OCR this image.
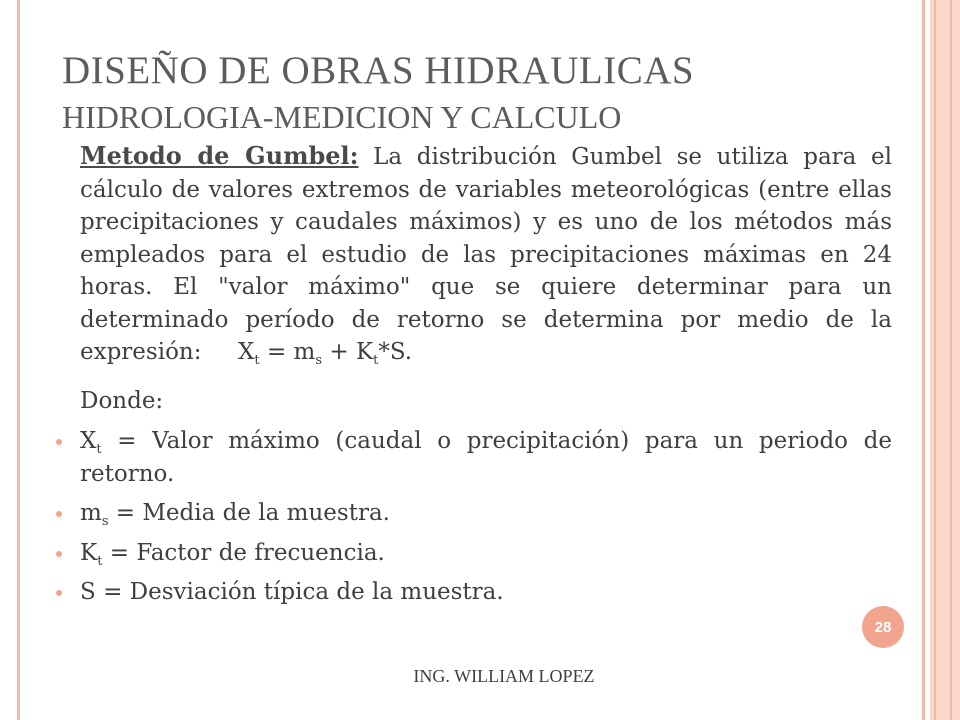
DISEÑO DE OBRAS HIDRAULICAS
HIDROLOGIA-MEDICION Y CALCULO

Metodo de Gumbel: La distribución Gumbel se utiliza para el cálculo de valores extremos de variables meteorológicas (entre ellas precipitaciones y caudales máximos) y es uno de los métodos más empleados para el estudio de las precipitaciones máximas en 24 horas. El "valor máximo" que se quiere determinar para un determinado período de retorno se determina por medio de la expresión: $X_t = m_s + K_t*S$.

Donde:

$X_t$ = Valor máximo (caudal o precipitación) para un periodo de retorno.
$m_s$ = Media de la muestra.
$K_t$ = Factor de frecuencia.
S = Desviación típica de la muestra.
28
ING. WILLIAM LOPEZ
